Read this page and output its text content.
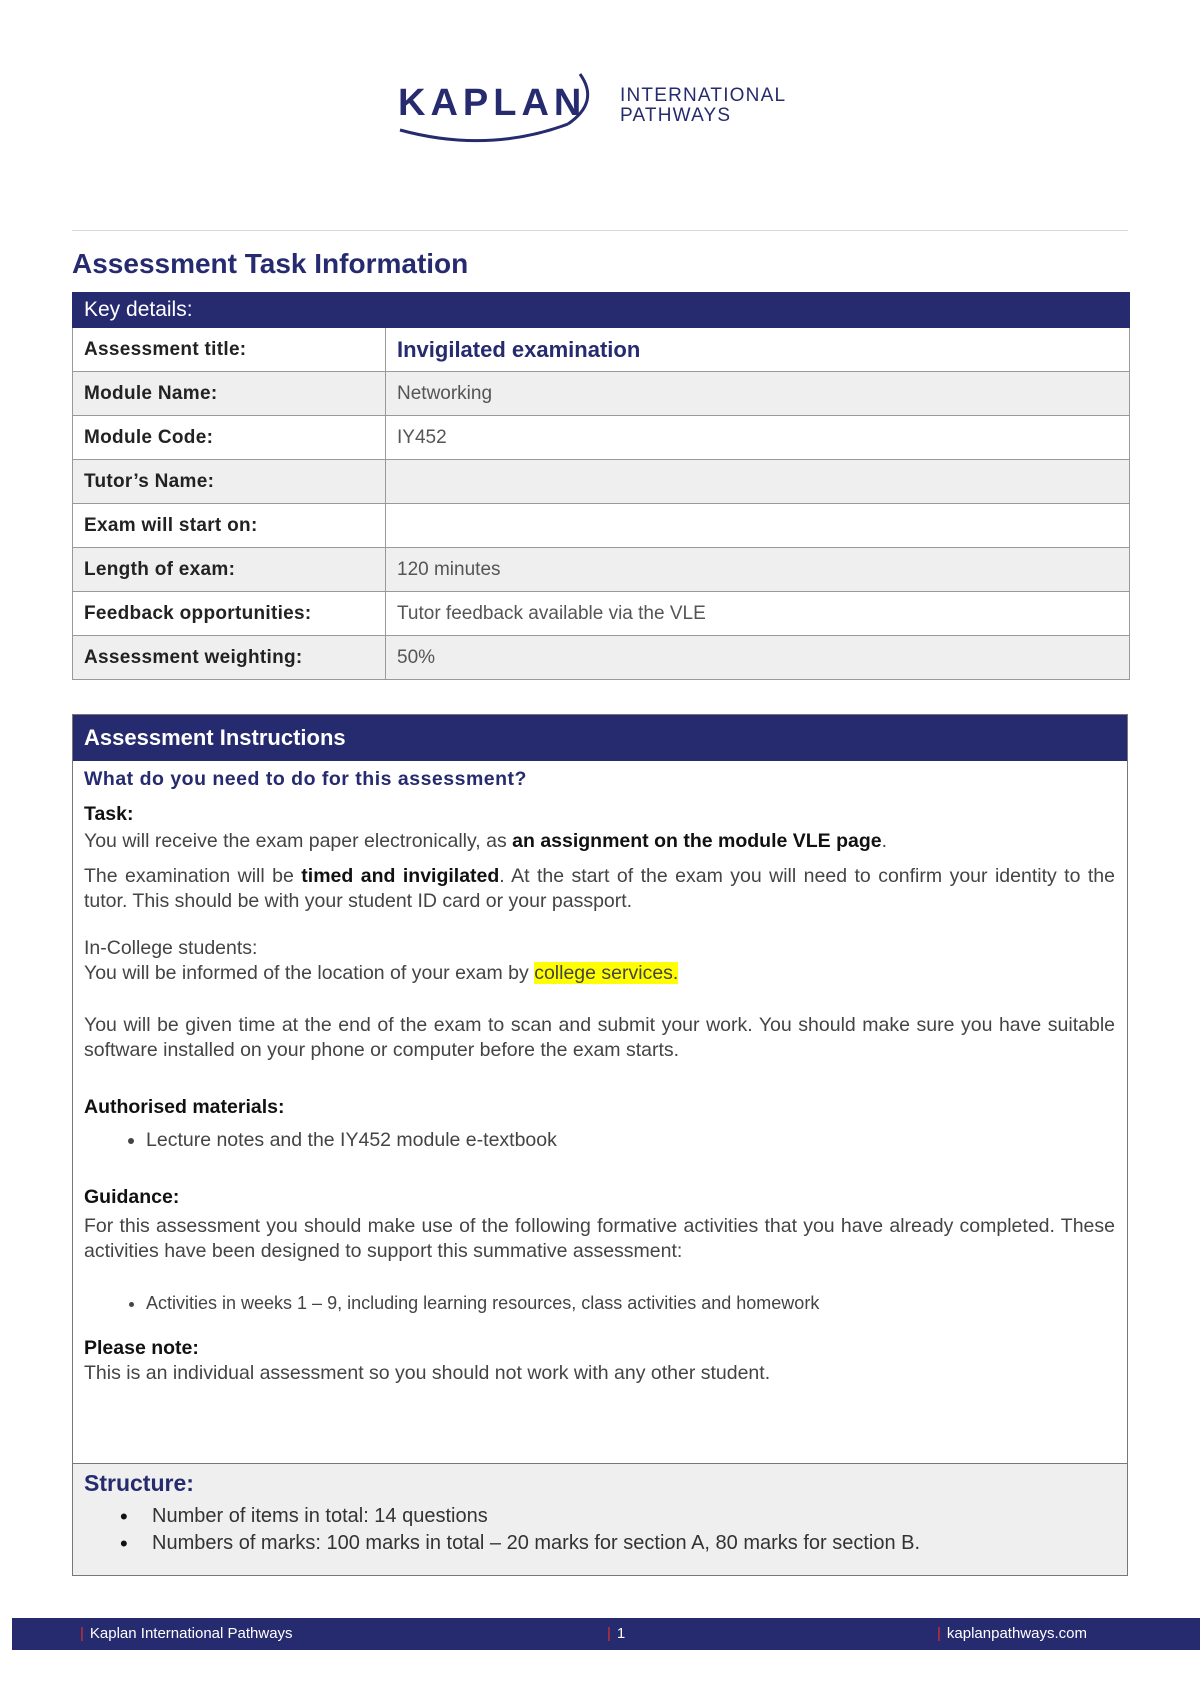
KAPLAN INTERNATIONAL
PATHWAYS
Assessment Task Information
Key details:	
Assessment title:	Invigilated examination
Module Name:	Networking
Module Code:	IY452
Tutor’s Name:	
Exam will start on:	
Length of exam:	120 minutes
Feedback opportunities:	Tutor feedback available via the VLE
Assessment weighting:	50%
Assessment Instructions

What do you need to do for this assessment?

Task:

You will receive the exam paper electronically, as an assignment on the module VLE page.

The examination will be timed and invigilated. At the start of the exam you will need to confirm your identity to the tutor. This should be with your student ID card or your passport.

In-College students:

You will be informed of the location of your exam by college services.

You will be given time at the end of the exam to scan and submit your work. You should make sure you have suitable software installed on your phone or computer before the exam starts.

Authorised materials:
• Lecture notes and the IY452 module e-textbook
Guidance:

For this assessment you should make use of the following formative activities that you have already completed. These activities have been designed to support this summative assessment:

• Activities in weeks 1 – 9, including learning resources, class activities and homework
Please note:

This is an individual assessment so you should not work with any other student.

Structure:
• Number of items in total: 14 questions
• Numbers of marks: 100 marks in total – 20 marks for section A, 80 marks for section B.
| Kaplan International Pathways	| 1	| kaplanpathways.com
